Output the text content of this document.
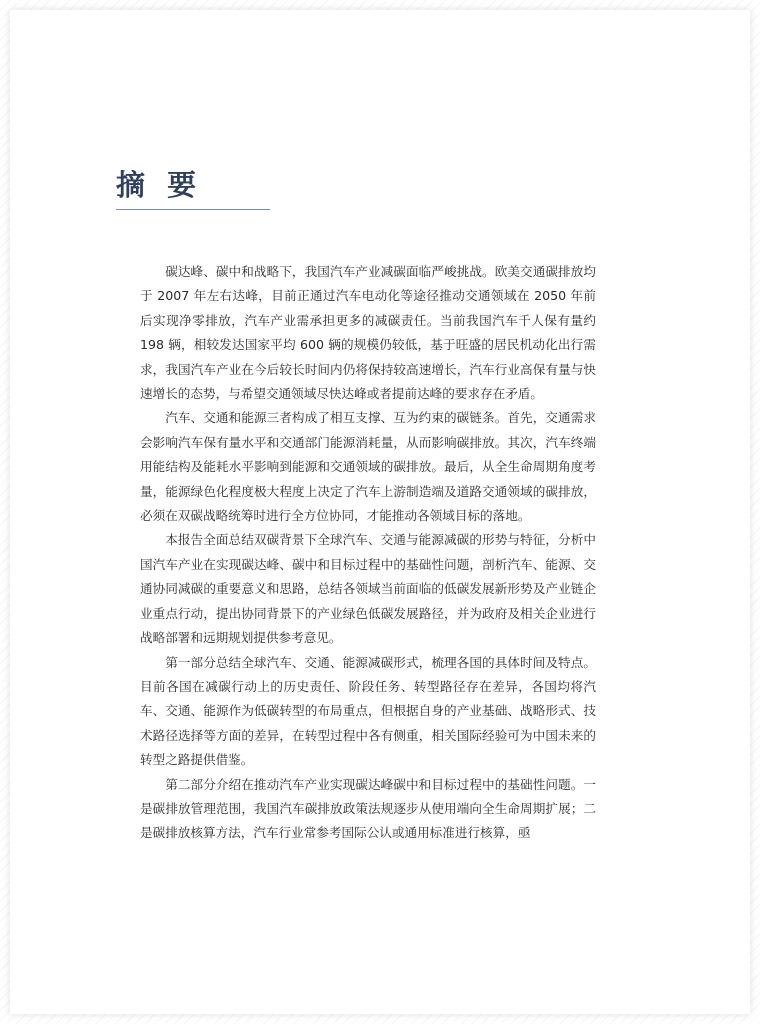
摘 要

碳达峰、碳中和战略下，我国汽车产业减碳面临严峻挑战。欧美交通碳排放均于 2007 年左右达峰，目前正通过汽车电动化等途径推动交通领域在 2050 年前后实现净零排放，汽车产业需承担更多的减碳责任。当前我国汽车千人保有量约 198 辆，相较发达国家平均 600 辆的规模仍较低，基于旺盛的居民机动化出行需求，我国汽车产业在今后较长时间内仍将保持较高速增长，汽车行业高保有量与快速增长的态势，与希望交通领域尽快达峰或者提前达峰的要求存在矛盾。

汽车、交通和能源三者构成了相互支撑、互为约束的碳链条。首先，交通需求会影响汽车保有量水平和交通部门能源消耗量，从而影响碳排放。其次，汽车终端用能结构及能耗水平影响到能源和交通领域的碳排放。最后，从全生命周期角度考量，能源绿色化程度极大程度上决定了汽车上游制造端及道路交通领域的碳排放，必须在双碳战略统筹时进行全方位协同，才能推动各领域目标的落地。

本报告全面总结双碳背景下全球汽车、交通与能源减碳的形势与特征，分析中国汽车产业在实现碳达峰、碳中和目标过程中的基础性问题，剖析汽车、能源、交通协同减碳的重要意义和思路，总结各领域当前面临的低碳发展新形势及产业链企业重点行动，提出协同背景下的产业绿色低碳发展路径，并为政府及相关企业进行战略部署和远期规划提供参考意见。

第一部分总结全球汽车、交通、能源减碳形式，梳理各国的具体时间及特点。目前各国在减碳行动上的历史责任、阶段任务、转型路径存在差异，各国均将汽车、交通、能源作为低碳转型的布局重点，但根据自身的产业基础、战略形式、技术路径选择等方面的差异，在转型过程中各有侧重，相关国际经验可为中国未来的转型之路提供借鉴。

第二部分介绍在推动汽车产业实现碳达峰碳中和目标过程中的基础性问题。一是碳排放管理范围，我国汽车碳排放政策法规逐步从使用端向全生命周期扩展；二是碳排放核算方法，汽车行业常参考国际公认或通用标准进行核算，亟
